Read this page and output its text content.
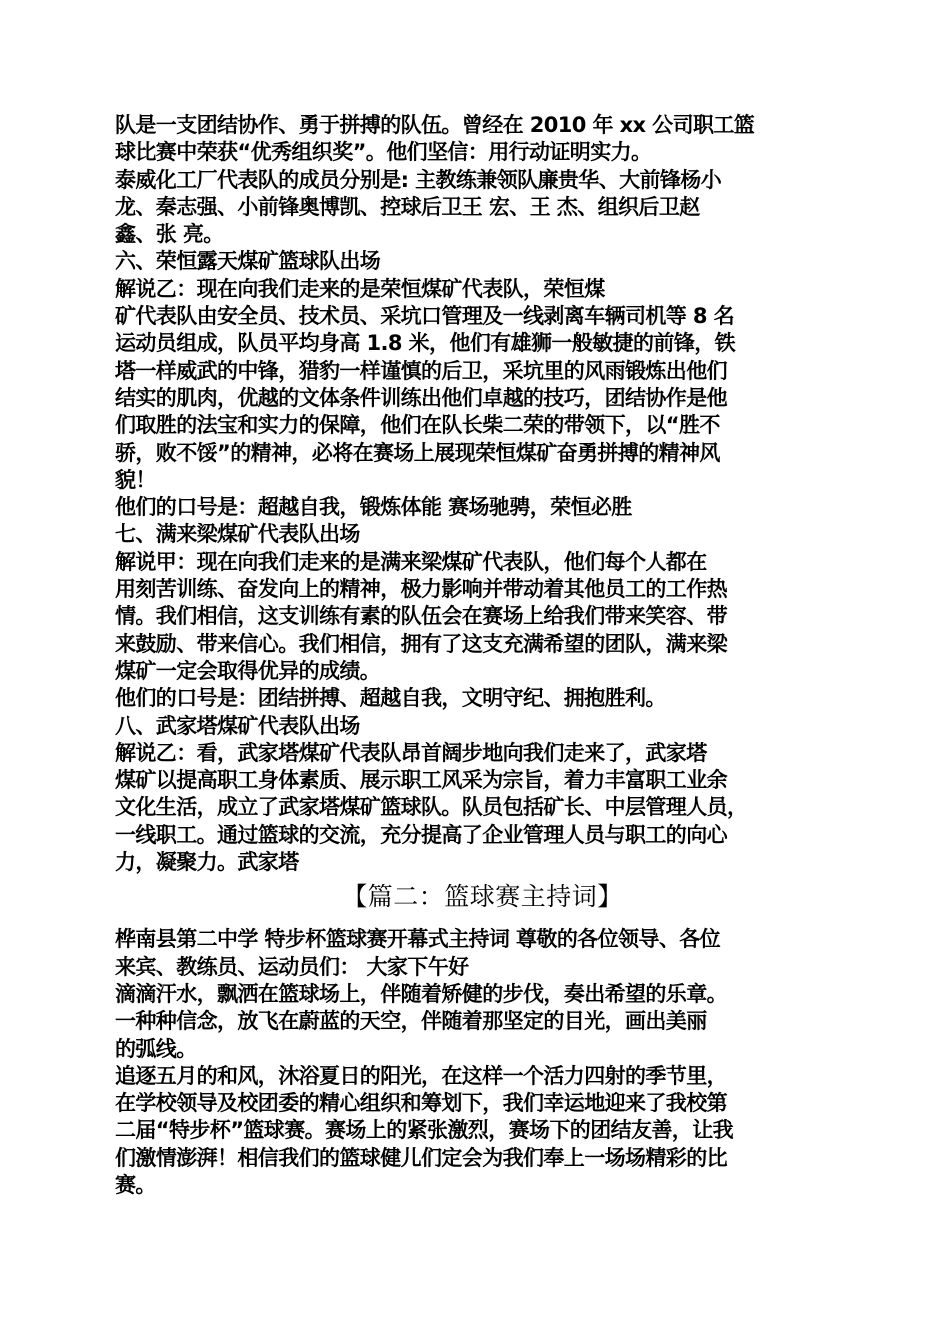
队是一支团结协作、勇于拼搏的队伍。曾经在 2010 年 xx 公司职工篮
球比赛中荣获“优秀组织奖”。他们坚信：用行动证明实力。
泰威化工厂代表队的成员分别是: 主教练兼领队廉贵华、大前锋杨小
龙、秦志强、小前锋奥博凯、控球后卫王 宏、王 杰、组织后卫赵
鑫、张 亮。
六、荣恒露天煤矿篮球队出场
解说乙：现在向我们走来的是荣恒煤矿代表队，荣恒煤
矿代表队由安全员、技术员、采坑口管理及一线剥离车辆司机等 8 名
运动员组成，队员平均身高 1.8 米，他们有雄狮一般敏捷的前锋，铁
塔一样威武的中锋，猎豹一样谨慎的后卫，采坑里的风雨锻炼出他们
结实的肌肉，优越的文体条件训练出他们卓越的技巧，团结协作是他
们取胜的法宝和实力的保障，他们在队长柴二荣的带领下，以“胜不
骄，败不馁”的精神，必将在赛场上展现荣恒煤矿奋勇拼搏的精神风
貌！
他们的口号是：超越自我，锻炼体能 赛场驰骋，荣恒必胜
七、满来梁煤矿代表队出场
解说甲：现在向我们走来的是满来梁煤矿代表队，他们每个人都在
用刻苦训练、奋发向上的精神，极力影响并带动着其他员工的工作热
情。我们相信，这支训练有素的队伍会在赛场上给我们带来笑容、带
来鼓励、带来信心。我们相信，拥有了这支充满希望的团队，满来梁
煤矿一定会取得优异的成绩。
他们的口号是：团结拼搏、超越自我，文明守纪、拥抱胜利。
八、武家塔煤矿代表队出场
解说乙：看，武家塔煤矿代表队昂首阔步地向我们走来了，武家塔
煤矿以提高职工身体素质、展示职工风采为宗旨，着力丰富职工业余
文化生活，成立了武家塔煤矿篮球队。队员包括矿长、中层管理人员，
一线职工。通过篮球的交流，充分提高了企业管理人员与职工的向心
力，凝聚力。武家塔
【篇二：篮球赛主持词】
桦南县第二中学 特步杯篮球赛开幕式主持词 尊敬的各位领导、各位
来宾、教练员、运动员们： 大家下午好
滴滴汗水，飘洒在篮球场上，伴随着矫健的步伐，奏出希望的乐章。
一种种信念，放飞在蔚蓝的天空，伴随着那坚定的目光，画出美丽
的弧线。
追逐五月的和风，沐浴夏日的阳光，在这样一个活力四射的季节里，
在学校领导及校团委的精心组织和筹划下，我们幸运地迎来了我校第
二届“特步杯”篮球赛。赛场上的紧张激烈，赛场下的团结友善，让我
们激情澎湃！相信我们的篮球健儿们定会为我们奉上一场场精彩的比
赛。
